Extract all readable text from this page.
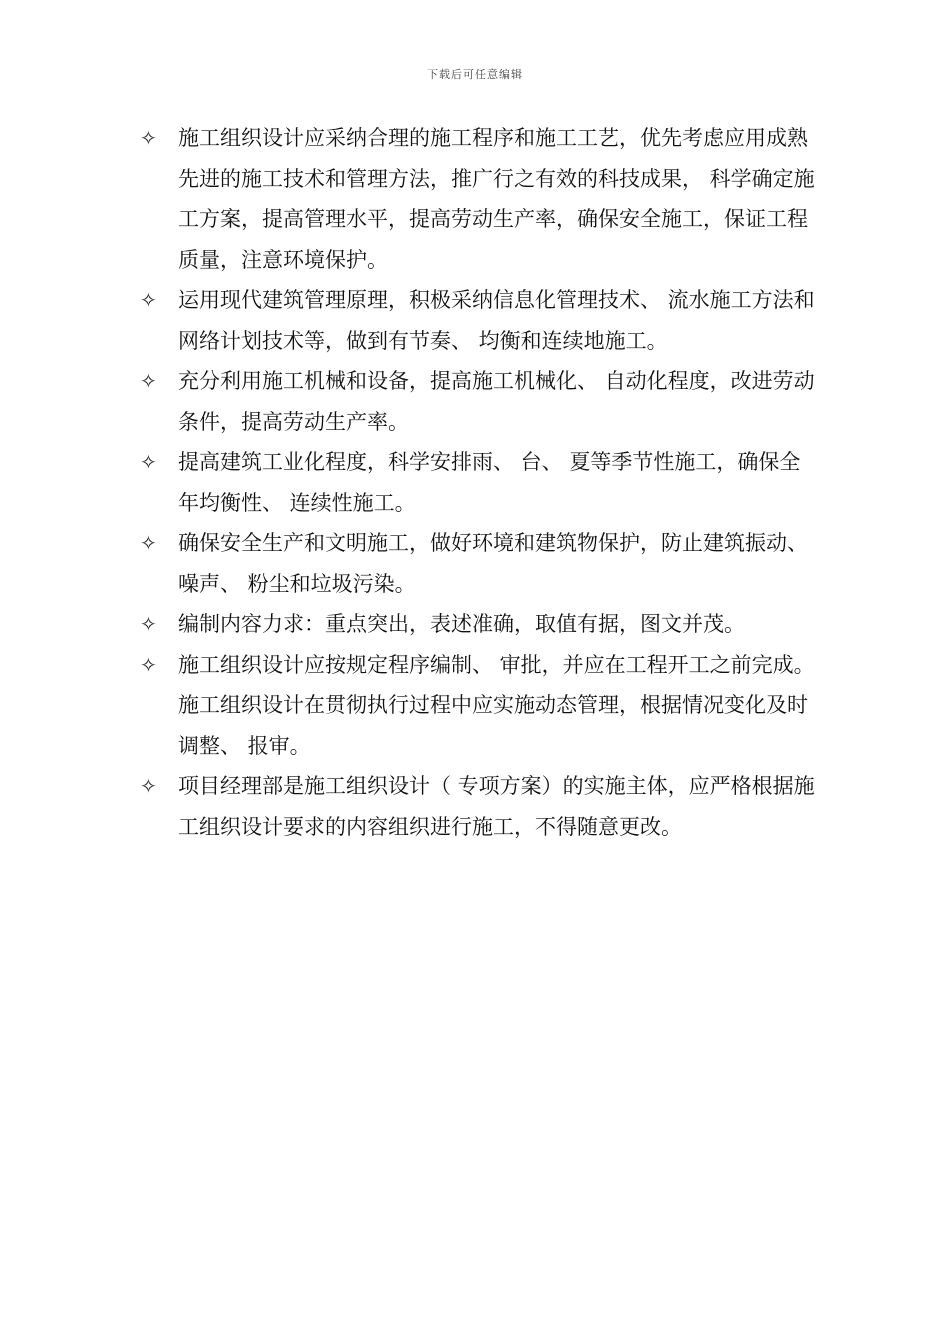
下载后可任意编辑
✧	施工组织设计应采纳合理的施工程序和施工工艺，优先考虑应用成熟先进的施工技术和管理方法，推广行之有效的科技成果， 科学确定施工方案，提高管理水平，提高劳动生产率，确保安全施工，保证工程质量，注意环境保护。
✧	运用现代建筑管理原理，积极采纳信息化管理技术、 流水施工方法和网络计划技术等，做到有节奏、 均衡和连续地施工。
✧	充分利用施工机械和设备，提高施工机械化、 自动化程度，改进劳动条件，提高劳动生产率。
✧	提高建筑工业化程度，科学安排雨、 台、 夏等季节性施工，确保全年均衡性、 连续性施工。
✧	确保安全生产和文明施工，做好环境和建筑物保护，防止建筑振动、 噪声、 粉尘和垃圾污染。
✧	编制内容力求：重点突出，表述准确，取值有据，图文并茂。
✧	施工组织设计应按规定程序编制、 审批，并应在工程开工之前完成。施工组织设计在贯彻执行过程中应实施动态管理，根据情况变化及时调整、 报审。
✧	项目经理部是施工组织设计（ 专项方案）的实施主体，应严格根据施工组织设计要求的内容组织进行施工，不得随意更改。
